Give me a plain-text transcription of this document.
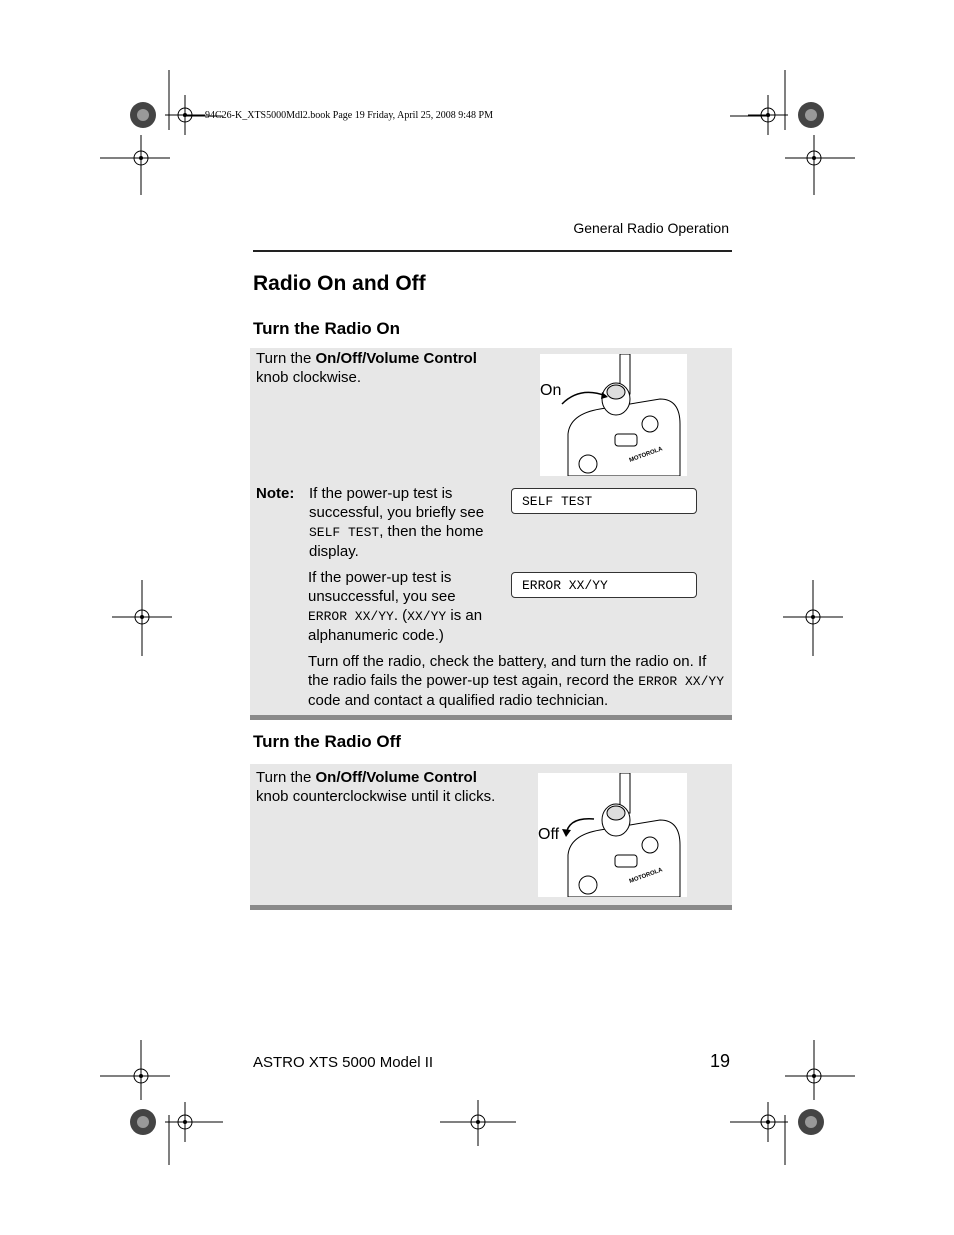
94C26-K_XTS5000Mdl2.book Page 19 Friday, April 25, 2008 9:48 PM
General Radio Operation
Radio On and Off
Turn the Radio On
Turn the On/Off/Volume Control knob clockwise.
MOTOROLA
On
Note: If the power-up test is successful, you briefly see SELF TEST, then the home display.
SELF TEST
If the power-up test is unsuccessful, you see ERROR XX/YY. (XX/YY is an alphanumeric code.)
ERROR XX/YY
Turn off the radio, check the battery, and turn the radio on. If the radio fails the power-up test again, record the ERROR XX/YY code and contact a qualified radio technician.
Turn the Radio Off
Turn the On/Off/Volume Control knob counterclockwise until it clicks.
MOTOROLA
Off
ASTRO XTS 5000 Model II	19
